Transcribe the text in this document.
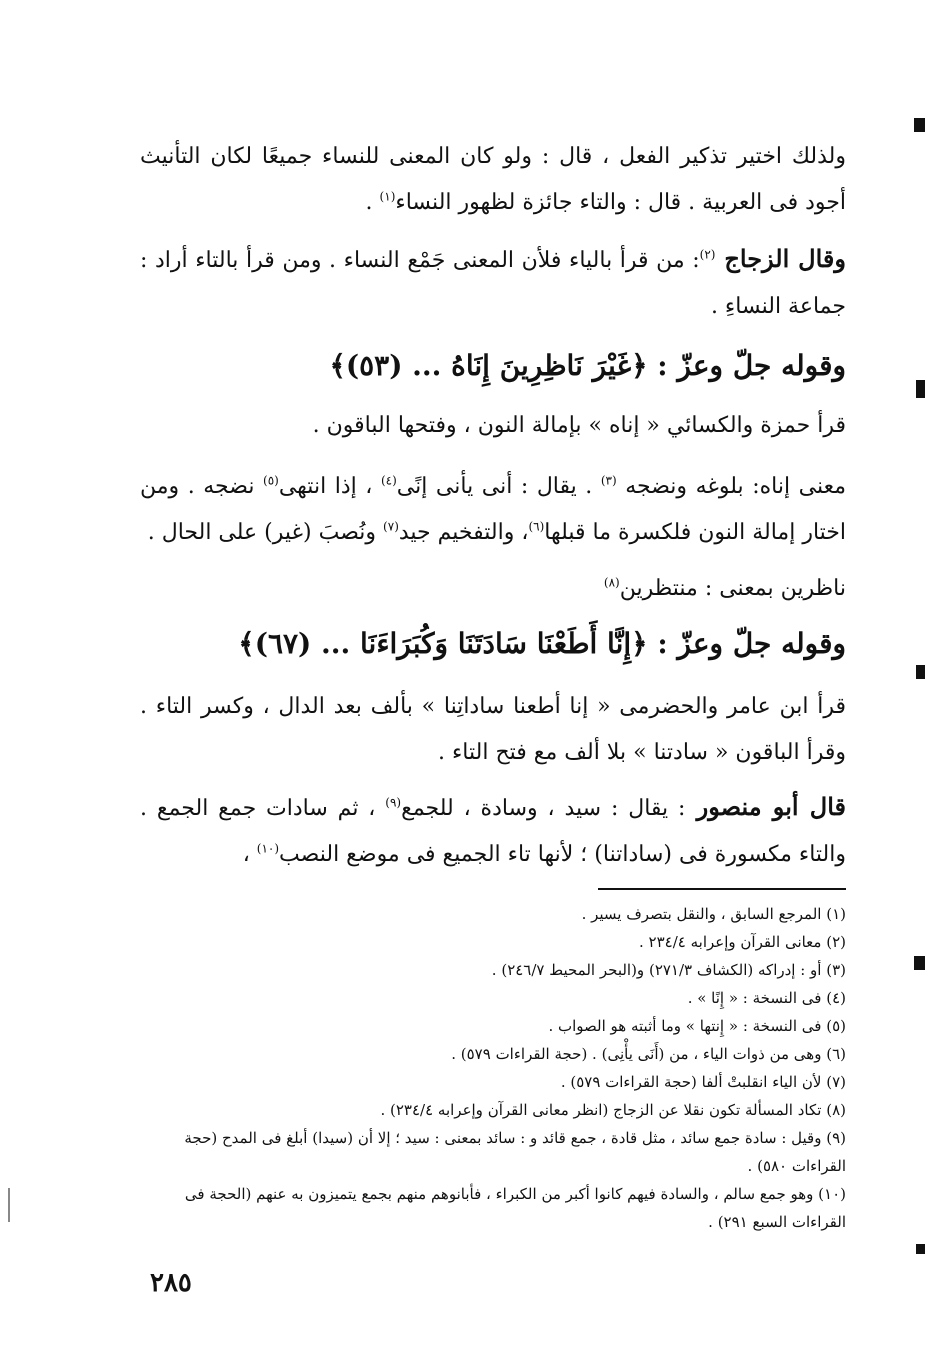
ولذلك اختير تذكير الفعل ، قال : ولو كان المعنى للنساء جميعًا لكان التأنيث أجود فى العربية . قال : والتاء جائزة لظهور النساء$^{(١)}$ .

وقال الزجاج $^{(٢)}$: من قرأ بالياء فلأن المعنى جَمْع النساء . ومن قرأ بالتاء أراد : جماعة النساءِ .

وقوله جلّ وعزّ : ﴿غَيْرَ نَاظِرِينَ إِنَاهُ ... (٥٣)﴾

قرأ حمزة والكسائي « إناه » بإمالة النون ، وفتحها الباقون .

معنى إناه: بلوغه ونضجه $^{(٣)}$ . يقال : أنى يأنى إنًى$^{(٤)}$ ، إذا انتهى$^{(٥)}$ نضجه . ومن اختار إمالة النون فلكسرة ما قبلها$^{(٦)}$، والتفخيم جيد$^{(٧)}$ ونُصبَ (غير) على الحال .

ناظرين بمعنى : منتظرين$^{(٨)}$

وقوله جلّ وعزّ : ﴿إِنَّا أَطَعْنَا سَادَتَنَا وَكُبَرَاءَنَا ... (٦٧)﴾

قرأ ابن عامر والحضرمى « إنا أطعنا ساداتِنا » بألف بعد الدال ، وكسر التاء . وقرأ الباقون « سادتنا » بلا ألف مع فتح التاء .

قال أبو منصور : يقال : سيد ، وسادة ، للجمع$^{(٩)}$ ، ثم سادات جمع الجمع . والتاء مكسورة فى (ساداتنا) ؛ لأنها تاء الجميع فى موضع النصب$^{(١٠)}$ ،

(١) المرجع السابق ، والنقل بتصرف يسير .

(٢) معانى القرآن وإعرابه ٢٣٤/٤ .

(٣) أو : إدراكه (الكشاف ٢٧١/٣) و(البحر المحيط ٢٤٦/٧) .

(٤) فى النسخة : « إِنًا » .

(٥) فى النسخة : « إِنتها » وما أثبته هو الصواب .

(٦) وهى من ذوات الياء ، من (أَنَى يأْنِى) . (حجة القراءات ٥٧٩) .

(٧) لأن الياء انقلبتْ ألفا (حجة القراءات ٥٧٩) .

(٨) تكاد المسألة تكون نقلا عن الزجاج (انظر معانى القرآن وإعرابه ٢٣٤/٤) .

(٩) وقيل : سادة جمع سائد ، مثل قادة ، جمع قائد و : سائد بمعنى : سيد ؛ إلا أن (سيدا) أبلغ فى المدح (حجة القراءات ٥٨٠) .

(١٠) وهو جمع سالم ، والسادة فيهم كانوا أكبر من الكبراء ، فأبانوهم منهم بجمع يتميزون به عنهم (الحجة فى القراءات السبع ٢٩١) .

٢٨٥
